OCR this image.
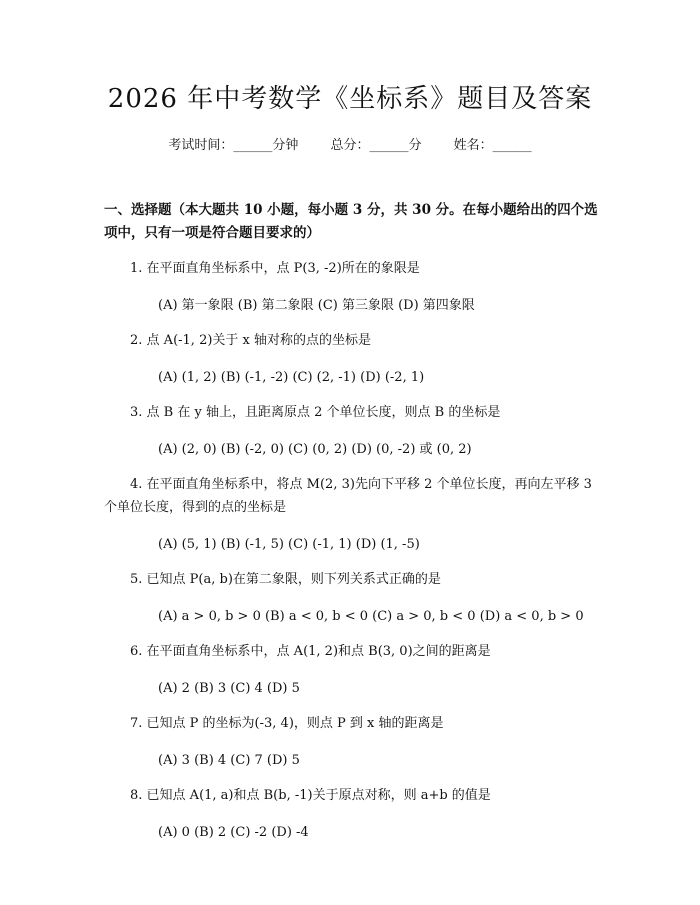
2026 年中考数学《坐标系》题目及答案
考试时间：______分钟 总分：______分 姓名：______
一、选择题（本大题共 10 小题，每小题 3 分，共 30 分。在每小题给出的四个选项中，只有一项是符合题目要求的）

1. 在平面直角坐标系中，点 P(3, -2)所在的象限是

(A) 第一象限 (B) 第二象限 (C) 第三象限 (D) 第四象限

2. 点 A(-1, 2)关于 x 轴对称的点的坐标是

(A) (1, 2) (B) (-1, -2) (C) (2, -1) (D) (-2, 1)

3. 点 B 在 y 轴上，且距离原点 2 个单位长度，则点 B 的坐标是

(A) (2, 0) (B) (-2, 0) (C) (0, 2) (D) (0, -2) 或 (0, 2)

4. 在平面直角坐标系中，将点 M(2, 3)先向下平移 2 个单位长度，再向左平移 3 个单位长度，得到的点的坐标是

(A) (5, 1) (B) (-1, 5) (C) (-1, 1) (D) (1, -5)

5. 已知点 P(a, b)在第二象限，则下列关系式正确的是

(A) a > 0, b > 0 (B) a < 0, b < 0 (C) a > 0, b < 0 (D) a < 0, b > 0

6. 在平面直角坐标系中，点 A(1, 2)和点 B(3, 0)之间的距离是

(A) 2 (B) 3 (C) 4 (D) 5

7. 已知点 P 的坐标为(-3, 4)，则点 P 到 x 轴的距离是

(A) 3 (B) 4 (C) 7 (D) 5

8. 已知点 A(1, a)和点 B(b, -1)关于原点对称，则 a+b 的值是

(A) 0 (B) 2 (C) -2 (D) -4
